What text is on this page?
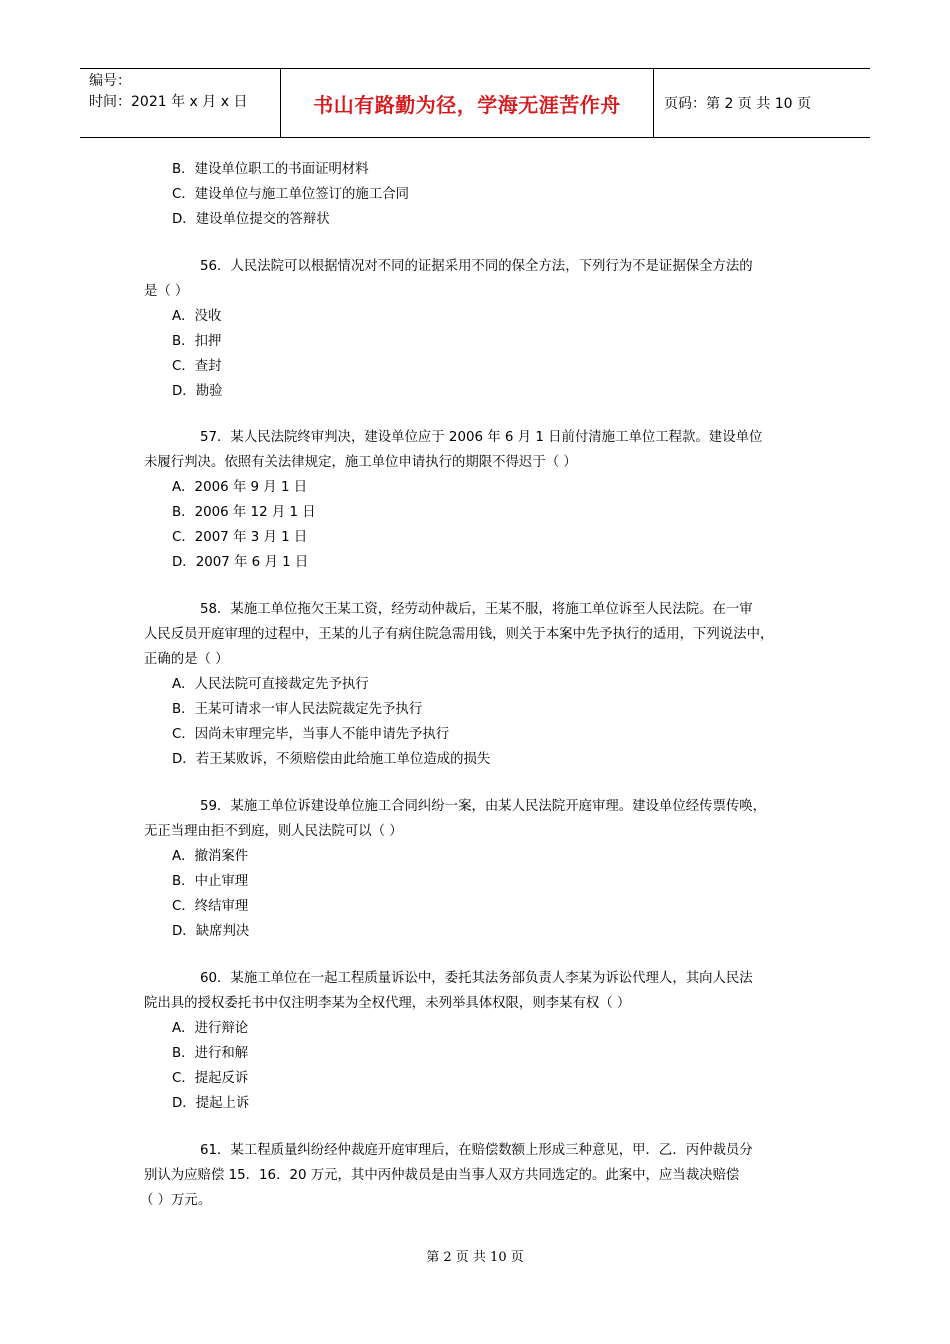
编号：
时间：2021 年 x 月 x 日	书山有路勤为径，学海无涯苦作舟	页码：第 2 页 共 10 页
B．建设单位职工的书面证明材料
C．建设单位与施工单位签订的施工合同
D．建设单位提交的答辩状
56．人民法院可以根据情况对不同的证据采用不同的保全方法，下列行为不是证据保全方法的
是（ ）
A．没收
B．扣押
C．查封
D．勘验
57．某人民法院终审判决，建设单位应于 2006 年 6 月 1 日前付清施工单位工程款。建设单位
未履行判决。依照有关法律规定，施工单位申请执行的期限不得迟于（ ）
A．2006 年 9 月 1 日
B．2006 年 12 月 1 日
C．2007 年 3 月 1 日
D．2007 年 6 月 1 日
58．某施工单位拖欠王某工资，经劳动仲裁后，王某不服，将施工单位诉至人民法院。在一审
人民反员开庭审理的过程中，王某的儿子有病住院急需用钱，则关于本案中先予执行的适用，下列说法中，
正确的是（ ）
A．人民法院可直接裁定先予执行
B．王某可请求一审人民法院裁定先予执行
C．因尚未审理完毕，当事人不能申请先予执行
D．若王某败诉，不须赔偿由此给施工单位造成的损失
59．某施工单位诉建设单位施工合同纠纷一案，由某人民法院开庭审理。建设单位经传票传唤，
无正当理由拒不到庭，则人民法院可以（ ）
A．撤消案件
B．中止审理
C．终结审理
D．缺席判决
60．某施工单位在一起工程质量诉讼中，委托其法务部负责人李某为诉讼代理人，其向人民法
院出具的授权委托书中仅注明李某为全权代理，未列举具体权限，则李某有权（ ）
A．进行辩论
B．进行和解
C．提起反诉
D．提起上诉
61．某工程质量纠纷经仲裁庭开庭审理后，在赔偿数额上形成三种意见，甲．乙．丙仲裁员分
别认为应赔偿 15．16．20 万元，其中丙仲裁员是由当事人双方共同选定的。此案中，应当裁决赔偿
（ ）万元。
第 2 页 共 10 页
